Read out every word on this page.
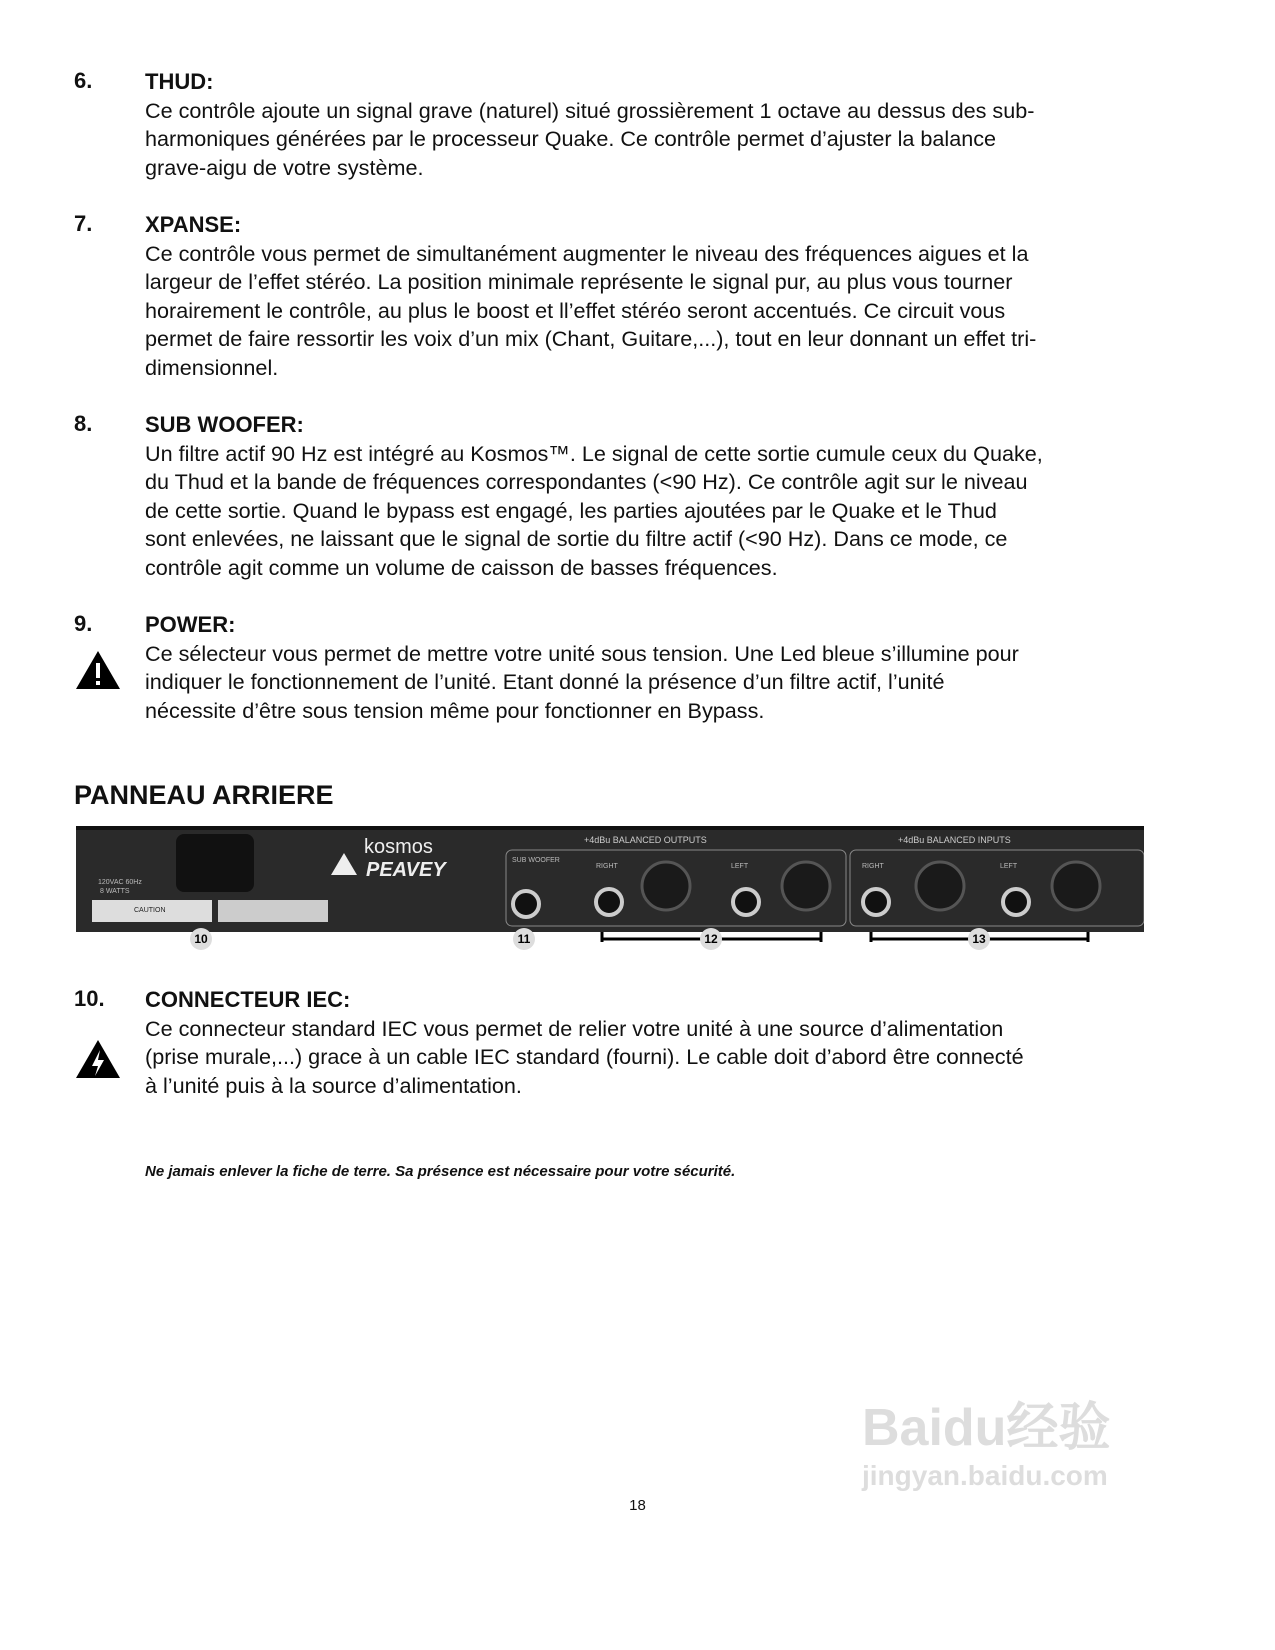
6. THUD:
Ce contrôle ajoute un signal grave (naturel) situé grossièrement 1 octave au dessus des sub-
harmoniques générées par le processeur Quake. Ce contrôle permet d’ajuster la balance
grave-aigu de votre système.
7. XPANSE:
Ce contrôle vous permet de simultanément augmenter le niveau des fréquences aigues et la
largeur de l’effet stéréo. La position minimale représente le signal pur, au plus vous tourner
horairement le contrôle, au plus le boost et ll’effet stéréo seront accentués. Ce circuit vous
permet de faire ressortir les voix d’un mix (Chant, Guitare,...), tout en leur donnant un effet tri-
dimensionnel.
8. SUB WOOFER:
Un filtre actif 90 Hz est intégré au Kosmos™. Le signal de cette sortie cumule ceux du Quake,
du Thud et la bande de fréquences correspondantes (<90 Hz). Ce contrôle agit sur le niveau
de cette sortie. Quand le bypass est engagé, les parties ajoutées par le Quake et le Thud
sont enlevées, ne laissant que le signal de sortie du filtre actif (<90 Hz). Dans ce mode, ce
contrôle agit comme un volume de caisson de basses fréquences.
9. POWER:
Ce sélecteur vous permet de mettre votre unité sous tension. Une Led bleue s’illumine pour
indiquer le fonctionnement de l’unité. Etant donné la présence d’un filtre actif, l’unité
nécessite d’être sous tension même pour fonctionner en Bypass.
PANNEAU ARRIERE
120VAC 60Hz
8 WATTS
CAUTION
kosmos
PEAVEY
+4dBu BALANCED OUTPUTS	+4dBu BALANCED INPUTS
SUB WOOFER
RIGHT	LEFT	RIGHT	LEFT
10	11	12	13
10. CONNECTEUR IEC:
Ce connecteur standard IEC vous permet de relier votre unité à une source d’alimentation
(prise murale,...) grace à un cable IEC standard (fourni). Le cable doit d’abord être connecté
à l’unité puis à la source d’alimentation.
Ne jamais enlever la fiche de terre. Sa présence est nécessaire pour votre sécurité.
Baidu经验
jingyan.baidu.com
18
